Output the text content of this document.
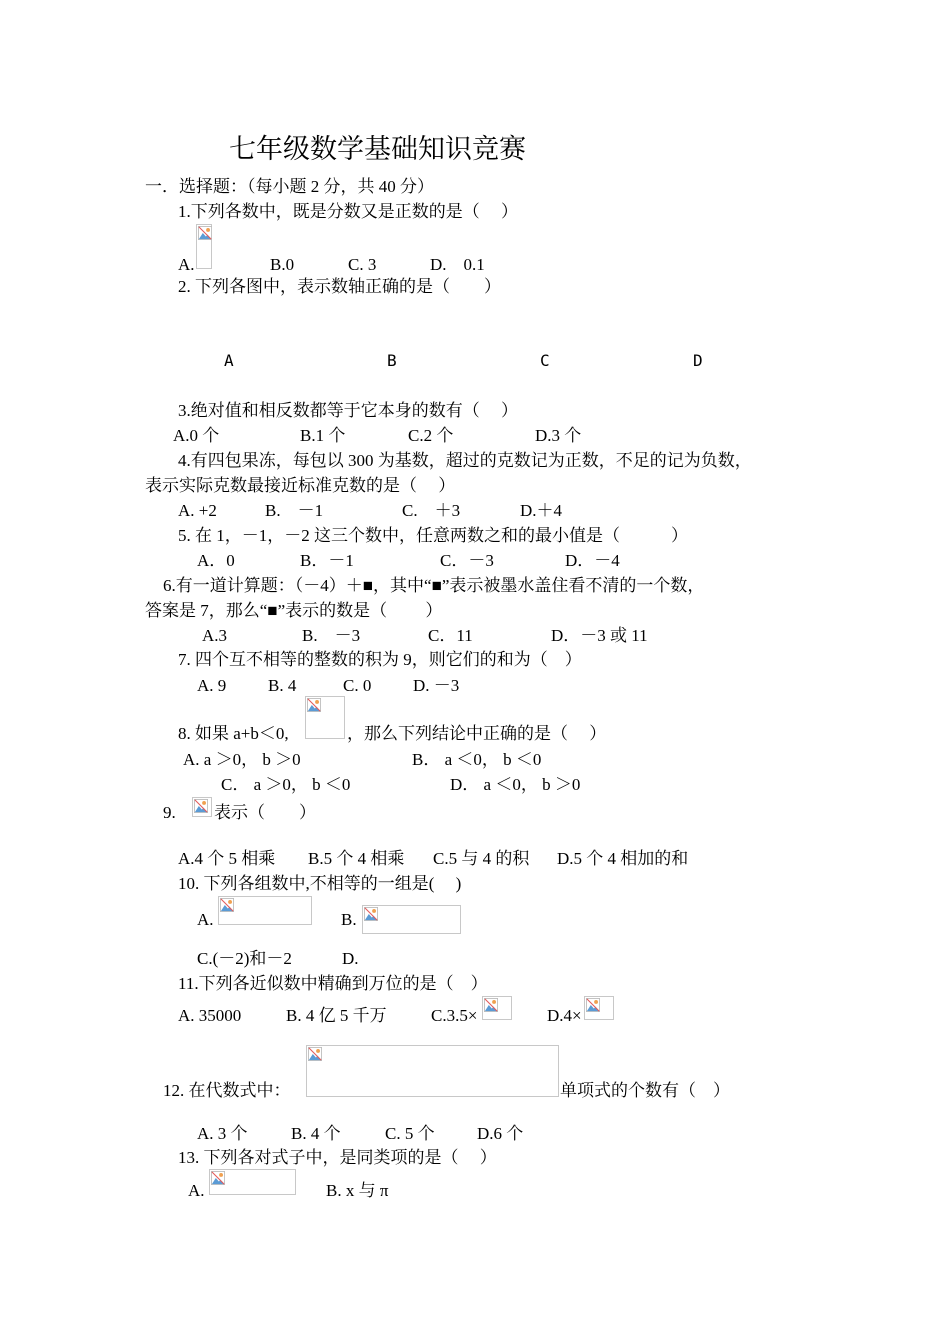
七年级数学基础知识竞赛
一．选择题：（每小题 2 分，共 40 分）
1.下列各数中，既是分数又是正数的是（　 ）
A.	B.0	C. 3	D.　0.1
2. 下列各图中，表示数轴正确的是（　　）
A	B	C	D
3.绝对值和相反数都等于它本身的数有（　 ）
A.0 个	B.1 个	C.2 个	D.3 个
4.有四包果冻，每包以 300 为基数，超过的克数记为正数，不足的记为负数，
表示实际克数最接近标准克数的是（　 ）
A. +2	B.　－1	C.　＋3	D.＋4
5. 在 1，－1，－2 这三个数中，任意两数之和的最小值是（　　　）
A．0	B．－1	C．－3	D．－4
6.有一道计算题：（－4）＋■，其中“■”表示被墨水盖住看不清的一个数，
答案是 7，那么“■”表示的数是（　　 ）
A.3	B.　－3	C．11	D．－3 或 11
7. 四个互不相等的整数的积为 9，则它们的和为（　）
A. 9 B. 4	C. 0 D. －3
8. 如果 a+b＜0,	，那么下列结论中正确的是（　 ）
A. a ＞0， b ＞0	B． a ＜0， b ＜0
C． a ＞0， b ＜0	D． a ＜0， b ＞0
9. 表示（　　）
A.4 个 5 相乘 B.5 个 4 相乘 C.5 与 4 的积 D.5 个 4 相加的和
10. 下列各组数中,不相等的一组是(　 )
A.	B.
C.(－2)和－2	D.
11.下列各近似数中精确到万位的是（　）
A. 35000	B. 4 亿 5 千万	C.3.5×	D.4×
12. 在代数式中：	单项式的个数有（　）
A. 3 个	B. 4 个	C. 5 个 D.6 个
13. 下列各对式子中，是同类项的是（　 ）
A.	B. x 与 π
